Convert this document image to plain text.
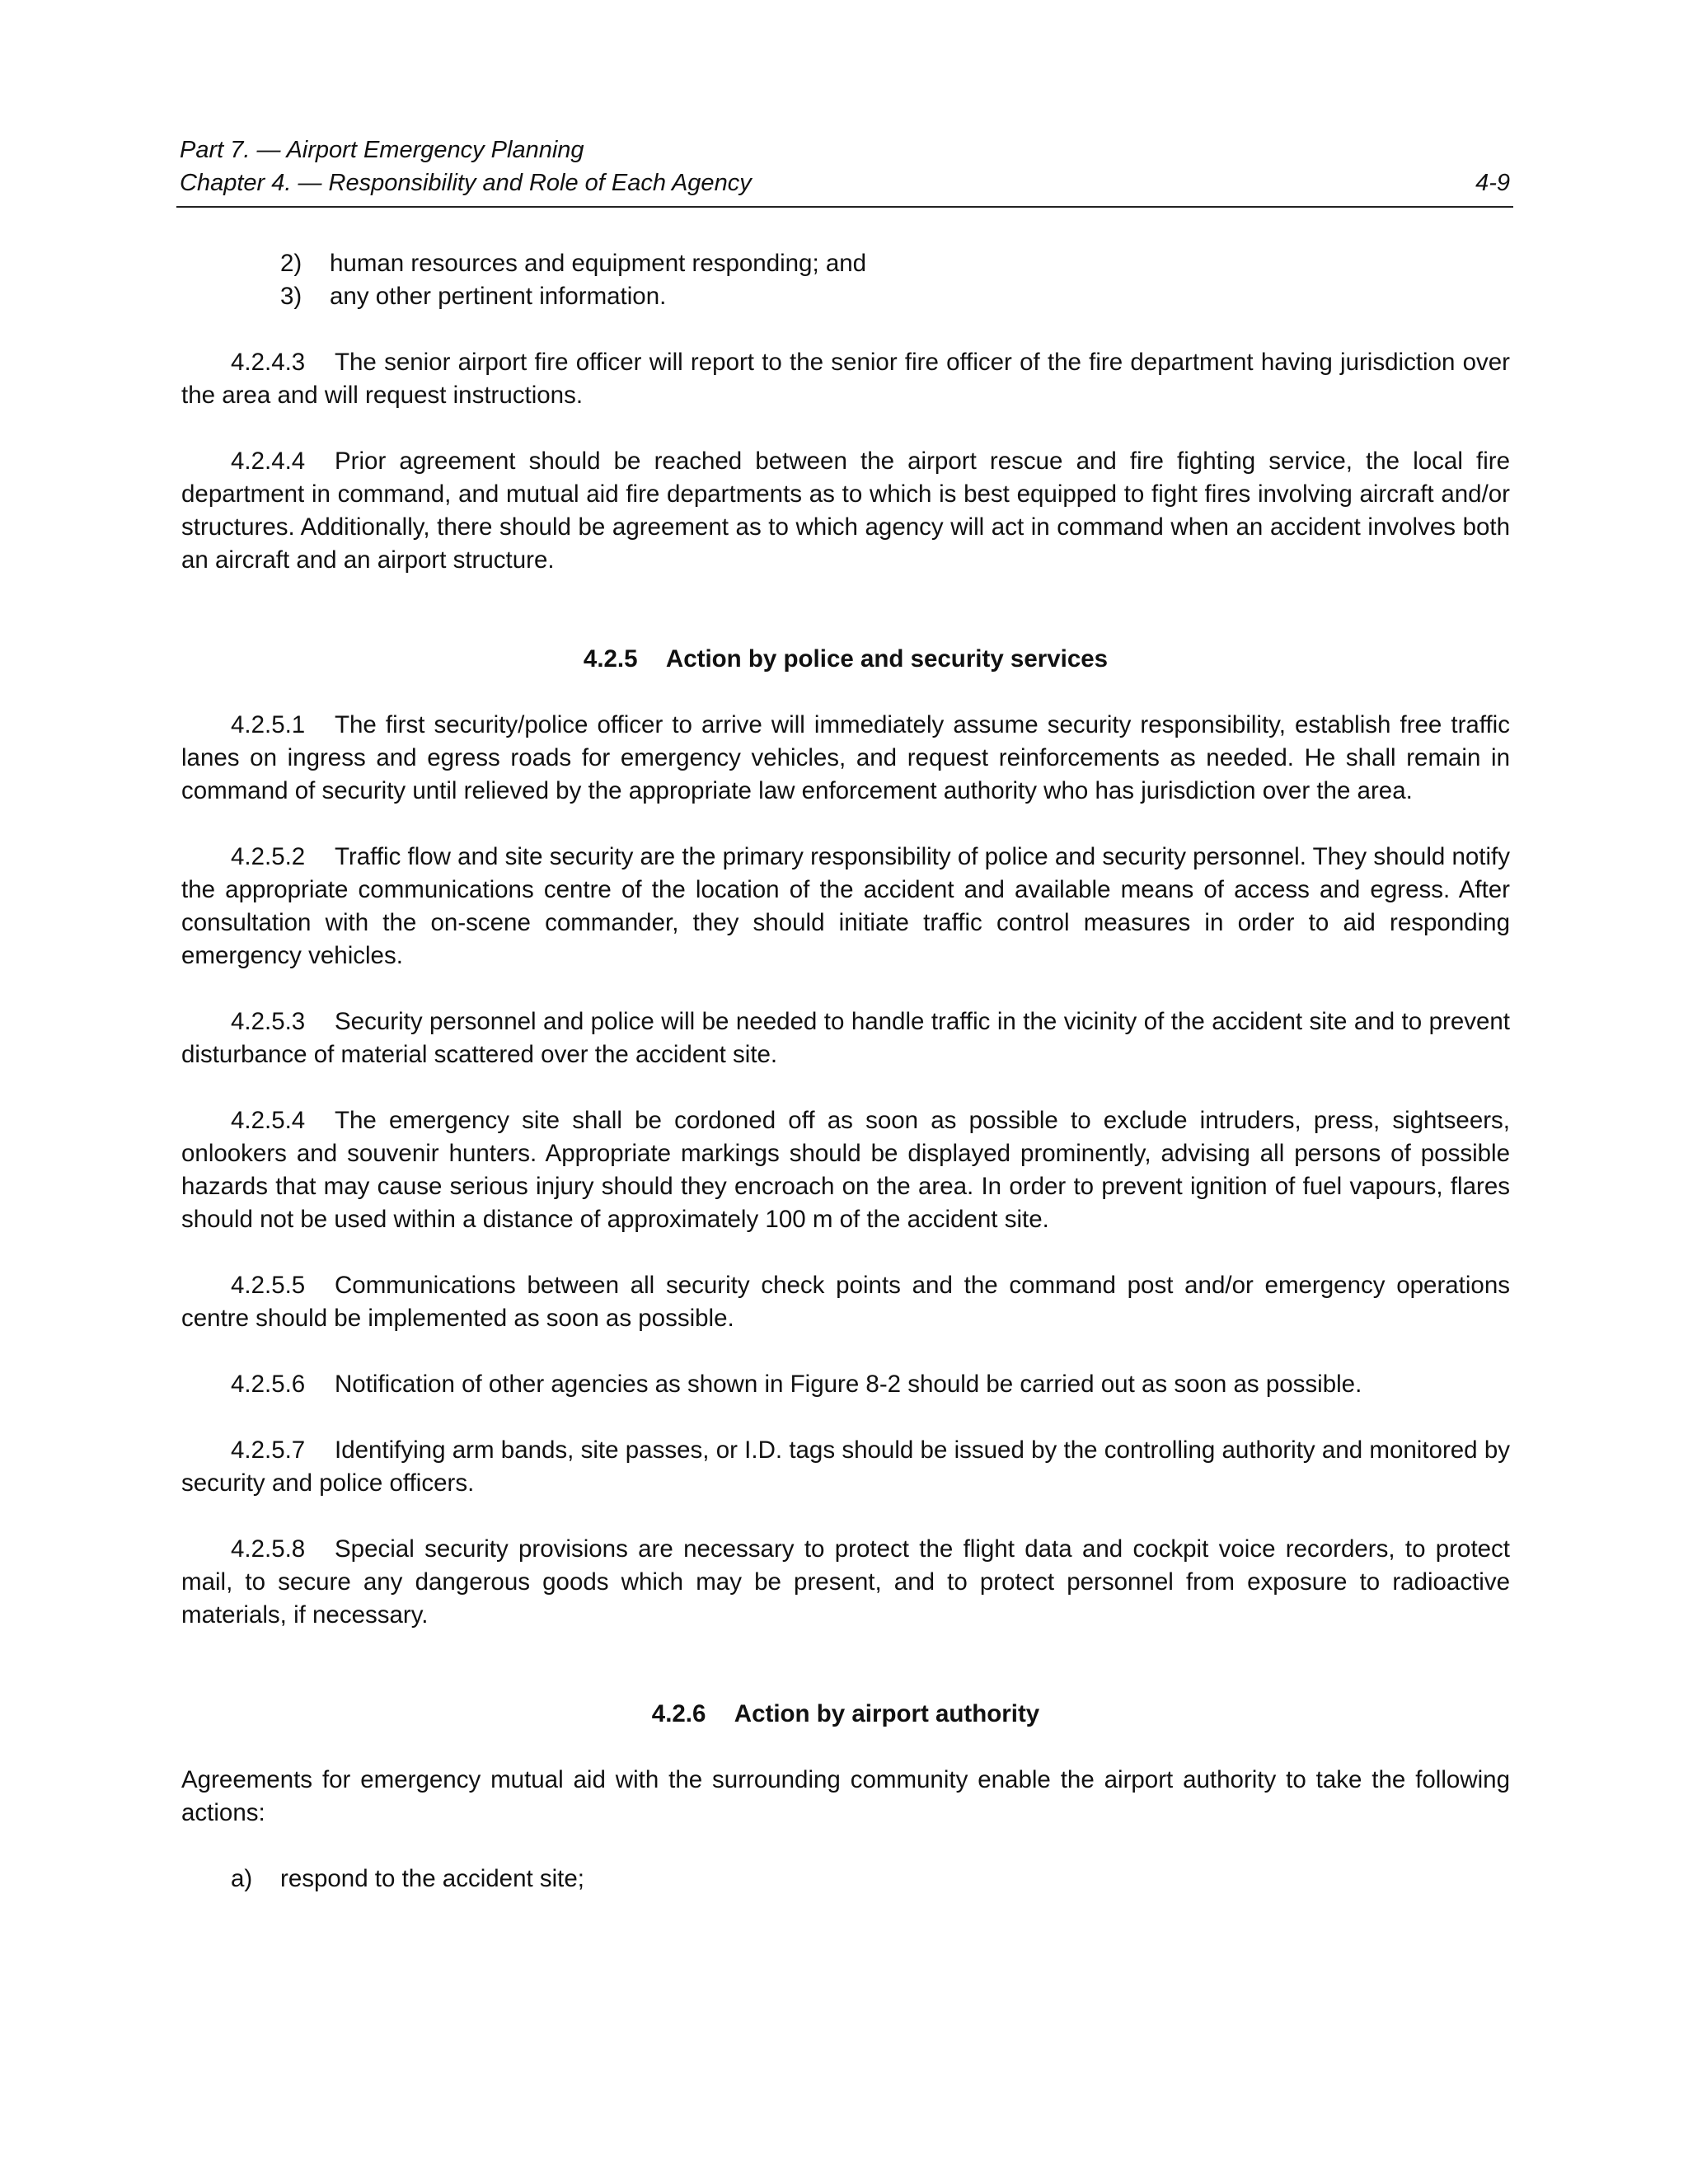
Part 7. — Airport Emergency Planning
Chapter 4. — Responsibility and Role of Each Agency	4-9
2)	human resources and equipment responding; and
3)	any other pertinent information.

4.2.4.3 The senior airport fire officer will report to the senior fire officer of the fire department having jurisdiction over the area and will request instructions.

4.2.4.4 Prior agreement should be reached between the airport rescue and fire fighting service, the local fire department in command, and mutual aid fire departments as to which is best equipped to fight fires involving aircraft and/or structures. Additionally, there should be agreement as to which agency will act in command when an accident involves both an aircraft and an airport structure.

4.2.5 Action by police and security services

4.2.5.1 The first security/police officer to arrive will immediately assume security responsibility, establish free traffic lanes on ingress and egress roads for emergency vehicles, and request reinforcements as needed. He shall remain in command of security until relieved by the appropriate law enforcement authority who has jurisdiction over the area.

4.2.5.2 Traffic flow and site security are the primary responsibility of police and security personnel. They should notify the appropriate communications centre of the location of the accident and available means of access and egress. After consultation with the on-scene commander, they should initiate traffic control measures in order to aid responding emergency vehicles.

4.2.5.3 Security personnel and police will be needed to handle traffic in the vicinity of the accident site and to prevent disturbance of material scattered over the accident site.

4.2.5.4 The emergency site shall be cordoned off as soon as possible to exclude intruders, press, sightseers, onlookers and souvenir hunters. Appropriate markings should be displayed prominently, advising all persons of possible hazards that may cause serious injury should they encroach on the area. In order to prevent ignition of fuel vapours, flares should not be used within a distance of approximately 100 m of the accident site.

4.2.5.5 Communications between all security check points and the command post and/or emergency operations centre should be implemented as soon as possible.

4.2.5.6 Notification of other agencies as shown in Figure 8-2 should be carried out as soon as possible.

4.2.5.7 Identifying arm bands, site passes, or I.D. tags should be issued by the controlling authority and monitored by security and police officers.

4.2.5.8 Special security provisions are necessary to protect the flight data and cockpit voice recorders, to protect mail, to secure any dangerous goods which may be present, and to protect personnel from exposure to radioactive materials, if necessary.

4.2.6 Action by airport authority

Agreements for emergency mutual aid with the surrounding community enable the airport authority to take the following actions:

a)	respond to the accident site;
